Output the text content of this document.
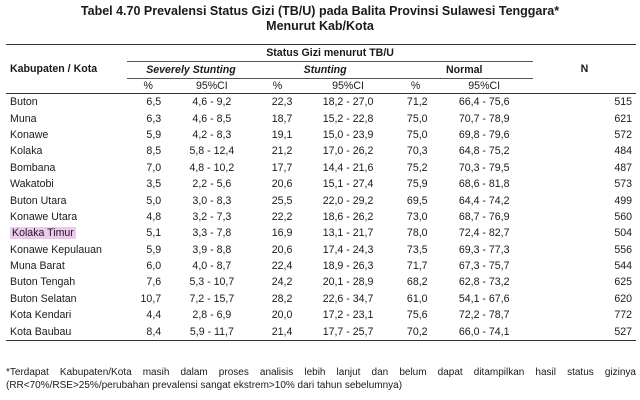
Tabel 4.70 Prevalensi Status Gizi (TB/U) pada Balita Provinsi Sulawesi Tenggara*
Menurut Kab/Kota
Kabupaten / Kota	Status Gizi menurut TB/U						N
	Severely Stunting		Stunting		Normal		
	%	95%CI	%	95%CI	%	95%CI	
Buton	6,5	4,6 - 9,2	22,3	18,2 - 27,0	71,2	66,4 - 75,6	515
Muna	6,3	4,6 - 8,5	18,7	15,2 - 22,8	75,0	70,7 - 78,9	621
Konawe	5,9	4,2 - 8,3	19,1	15,0 - 23,9	75,0	69,8 - 79,6	572
Kolaka	8,5	5,8 - 12,4	21,2	17,0 - 26,2	70,3	64,8 - 75,2	484
Bombana	7,0	4,8 - 10,2	17,7	14,4 - 21,6	75,2	70,3 - 79,5	487
Wakatobi	3,5	2,2 - 5,6	20,6	15,1 - 27,4	75,9	68,6 - 81,8	573
Buton Utara	5,0	3,0 - 8,3	25,5	22,0 - 29,2	69,5	64,4 - 74,2	499
Konawe Utara	4,8	3,2 - 7,3	22,2	18,6 - 26,2	73,0	68,7 - 76,9	560
Kolaka Timur	5,1	3,3 - 7,8	16,9	13,1 - 21,7	78,0	72,4 - 82,7	504
Konawe Kepulauan	5,9	3,9 - 8,8	20,6	17,4 - 24,3	73,5	69,3 - 77,3	556
Muna Barat	6,0	4,0 - 8,7	22,4	18,9 - 26,3	71,7	67,3 - 75,7	544
Buton Tengah	7,6	5,3 - 10,7	24,2	20,1 - 28,9	68,2	62,8 - 73,2	625
Buton Selatan	10,7	7,2 - 15,7	28,2	22,6 - 34,7	61,0	54,1 - 67,6	620
Kota Kendari	4,4	2,8 - 6,9	20,0	17,2 - 23,1	75,6	72,2 - 78,7	772
Kota Baubau	8,4	5,9 - 11,7	21,4	17,7 - 25,7	70,2	66,0 - 74,1	527
*Terdapat Kabupaten/Kota masih dalam proses analisis lebih lanjut dan belum dapat ditampilkan hasil status gizinya (RR<70%/RSE>25%/perubahan prevalensi sangat ekstrem>10% dari tahun sebelumnya)
